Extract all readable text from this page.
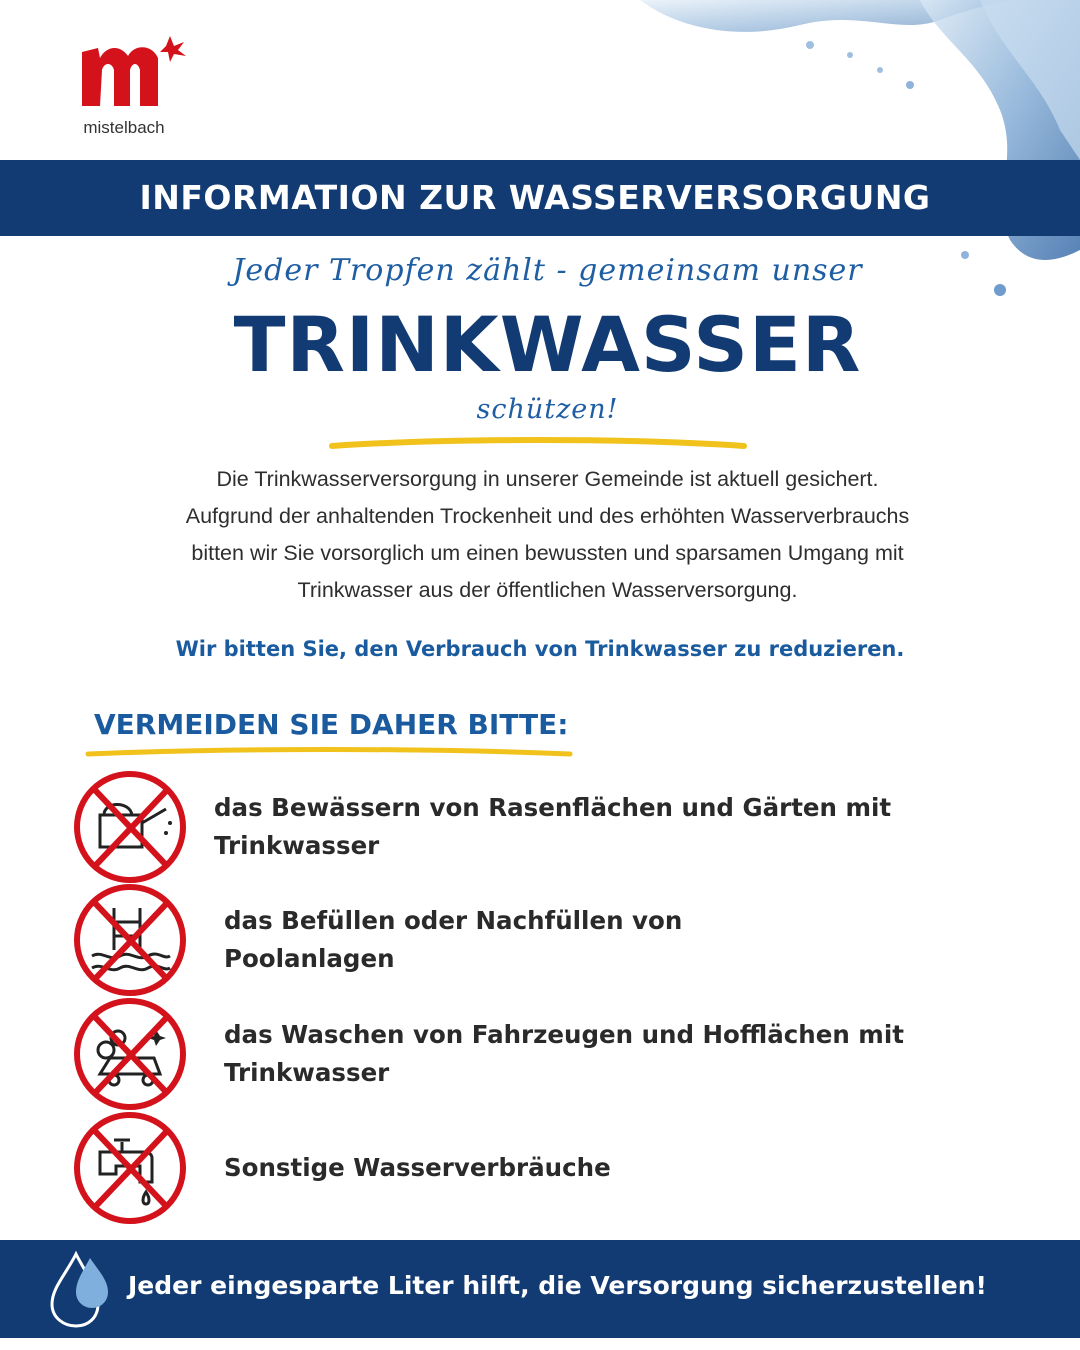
mistelbach
INFORMATION ZUR WASSERVERSORGUNG
Jeder Tropfen zählt - gemeinsam unser
TRINKWASSER
schützen!
Die Trinkwasserversorgung in unserer Gemeinde ist aktuell gesichert.
Aufgrund der anhaltenden Trockenheit und des erhöhten Wasserverbrauchs
bitten wir Sie vorsorglich um einen bewussten und sparsamen Umgang mit
Trinkwasser aus der öffentlichen Wasserversorgung.
Wir bitten Sie, den Verbrauch von Trinkwasser zu reduzieren.
VERMEIDEN SIE DAHER BITTE:
das Bewässern von Rasenflächen und Gärten mit
Trinkwasser
das Befüllen oder Nachfüllen von
Poolanlagen
das Waschen von Fahrzeugen und Hofflächen mit
Trinkwasser
Sonstige Wasserverbräuche
Jeder eingesparte Liter hilft, die Versorgung sicherzustellen!
